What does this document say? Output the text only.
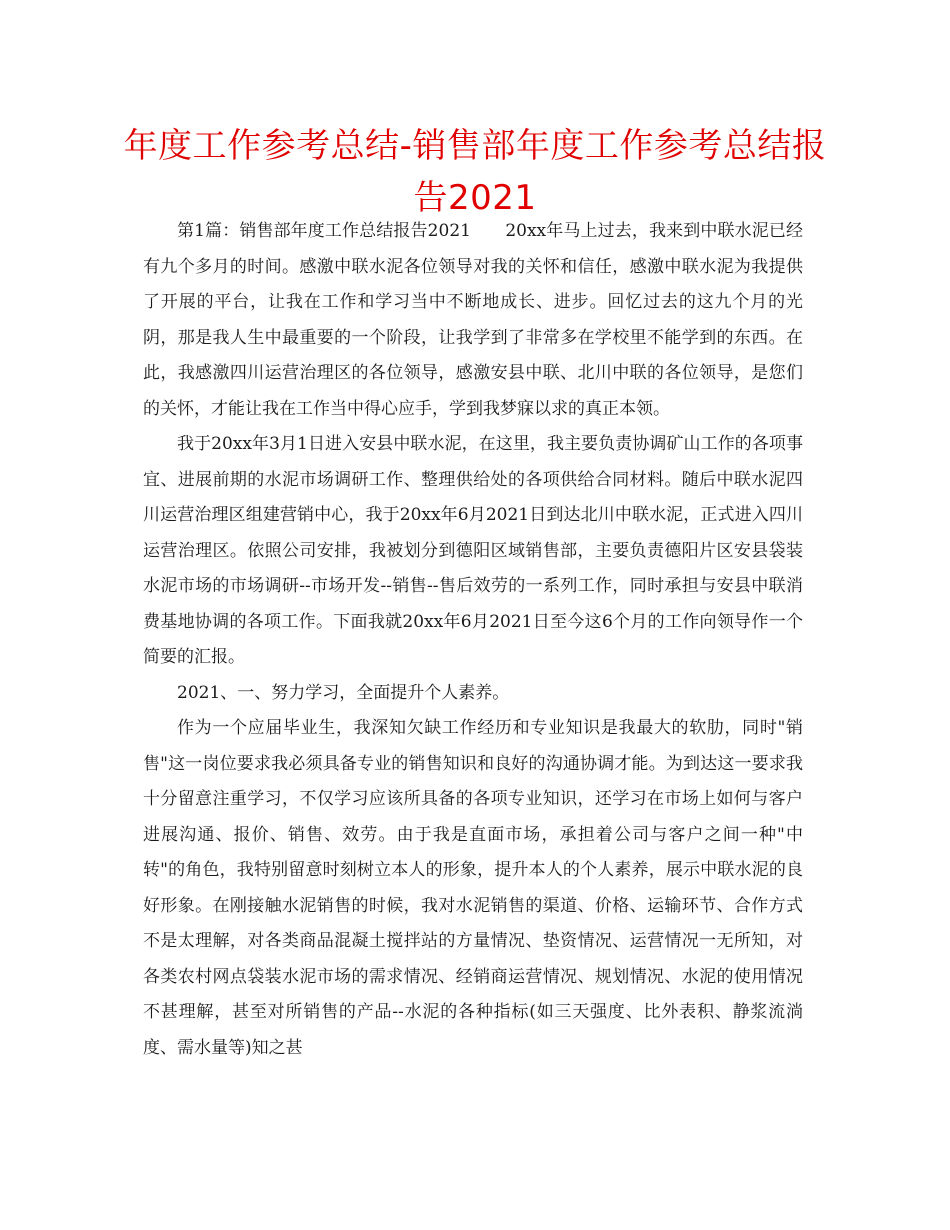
年度工作参考总结-销售部年度工作参考总结报告2021

第1篇：销售部年度工作总结报告2021　　20xx年马上过去，我来到中联水泥已经有九个多月的时间。感激中联水泥各位领导对我的关怀和信任，感激中联水泥为我提供了开展的平台，让我在工作和学习当中不断地成长、进步。回忆过去的这九个月的光阴，那是我人生中最重要的一个阶段，让我学到了非常多在学校里不能学到的东西。在此，我感激四川运营治理区的各位领导，感激安县中联、北川中联的各位领导，是您们的关怀，才能让我在工作当中得心应手，学到我梦寐以求的真正本领。

我于20xx年3月1日进入安县中联水泥，在这里，我主要负责协调矿山工作的各项事宜、进展前期的水泥市场调研工作、整理供给处的各项供给合同材料。随后中联水泥四川运营治理区组建营销中心，我于20xx年6月2021日到达北川中联水泥，正式进入四川运营治理区。依照公司安排，我被划分到德阳区域销售部，主要负责德阳片区安县袋装水泥市场的市场调研--市场开发--销售--售后效劳的一系列工作，同时承担与安县中联消费基地协调的各项工作。下面我就20xx年6月2021日至今这6个月的工作向领导作一个简要的汇报。

2021、一、努力学习，全面提升个人素养。

作为一个应届毕业生，我深知欠缺工作经历和专业知识是我最大的软肋，同时"销售"这一岗位要求我必须具备专业的销售知识和良好的沟通协调才能。为到达这一要求我十分留意注重学习，不仅学习应该所具备的各项专业知识，还学习在市场上如何与客户进展沟通、报价、销售、效劳。由于我是直面市场，承担着公司与客户之间一种"中转"的角色，我特别留意时刻树立本人的形象，提升本人的个人素养，展示中联水泥的良好形象。在刚接触水泥销售的时候，我对水泥销售的渠道、价格、运输环节、合作方式不是太理解，对各类商品混凝土搅拌站的方量情况、垫资情况、运营情况一无所知，对各类农村网点袋装水泥市场的需求情况、经销商运营情况、规划情况、水泥的使用情况不甚理解，甚至对所销售的产品--水泥的各种指标(如三天强度、比外表积、静浆流淌度、需水量等)知之甚
